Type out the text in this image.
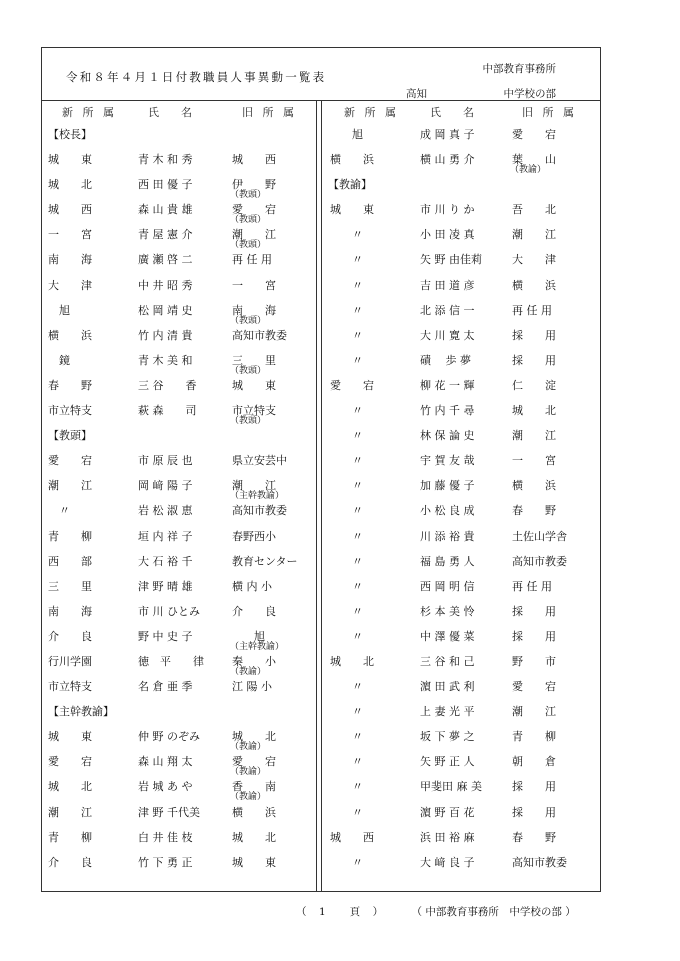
令和８年４月１日付教職員人事異動一覧表
中部教育事務所
高知	中学校の部
新 所 属	氏　　名	旧 所 属
【校長】
城　　東	青 木 和 秀	城　　西
城　　北	西 田 優 子	伊　　野
（教頭）
城　　西	森 山 貴 雄	愛　　宕
（教頭）
一　　宮	青 屋 憲 介	潮　　江
（教頭）
南　　海	廣 瀬 啓 二	再 任 用
大　　津	中 井 昭 秀	一　　宮
　旭	松 岡 靖 史	南　　海
（教頭）
横　　浜	竹 内 清 貴	高知市教委
　鏡	青 木 美 和	三　　里
（教頭）
春　　野	三 谷　　香	城　　東
市立特支	萩 森　　司	市立特支
（教頭）
【教頭】
愛　　宕	市 原 辰 也	県立安芸中
潮　　江	岡 﨑 陽 子	潮　　江
（主幹教諭）
　〃	岩 松 淑 恵	高知市教委
青　　柳	垣 内 祥 子	春野西小
西　　部	大 石 裕 千	教育センター
三　　里	津 野 晴 雄	横 内 小
南　　海	市 川 ひとみ	介　　良
介　　良	野 中 史 子	　　旭
（主幹教諭）
行川学園	徳　平　　律	秦　　小
（教諭）
市立特支	名 倉 亜 季	江 陽 小
【主幹教諭】
城　　東	仲 野 のぞみ	城　　北
（教諭）
愛　　宕	森 山 翔 太	愛　　宕
（教諭）
城　　北	岩 城 あ や	香　　南
（教諭）
潮　　江	津 野 千代美	横　　浜
青　　柳	白 井 佳 枝	城　　北
介　　良	竹 下 勇 正	城　　東
新 所 属	氏　　名	旧 所 属
　　旭	成 岡 真 子	愛　　宕
横　　浜	横 山 勇 介	葉　　山
（教諭）
【教諭】
城　　東	市 川 り か	吾　　北
　　〃	小 田 凌 真	潮　　江
　　〃	矢 野 由佳莉	大　　津
　　〃	吉 田 道 彦	横　　浜
　　〃	北 添 信 一	再 任 用
　　〃	大 川 寛 太	採　　用
　　〃	磧　 歩 夢	採　　用
愛　　宕	柳 花 一 輝	仁　　淀
　　〃	竹 内 千 尋	城　　北
　　〃	林 保 論 史	潮　　江
　　〃	宇 賀 友 哉	一　　宮
　　〃	加 藤 優 子	横　　浜
　　〃	小 松 良 成	春　　野
　　〃	川 添 裕 貴	土佐山学舎
　　〃	福 島 勇 人	高知市教委
　　〃	西 岡 明 信	再 任 用
　　〃	杉 本 美 怜	採　　用
　　〃	中 澤 優 菜	採　　用
城　　北	三 谷 和 己	野　　市
　　〃	濵 田 武 利	愛　　宕
　　〃	上 妻 光 平	潮　　江
　　〃	坂 下 夢 之	青　　柳
　　〃	矢 野 正 人	朝　　倉
　　〃	甲斐田 麻 美	採　　用
　　〃	濵 野 百 花	採　　用
城　　西	浜 田 裕 麻	春　　野
　　〃	大 﨑 良 子	高知市教委
（　1　　頁　）	（ 中部教育事務所　中学校の部 ）
